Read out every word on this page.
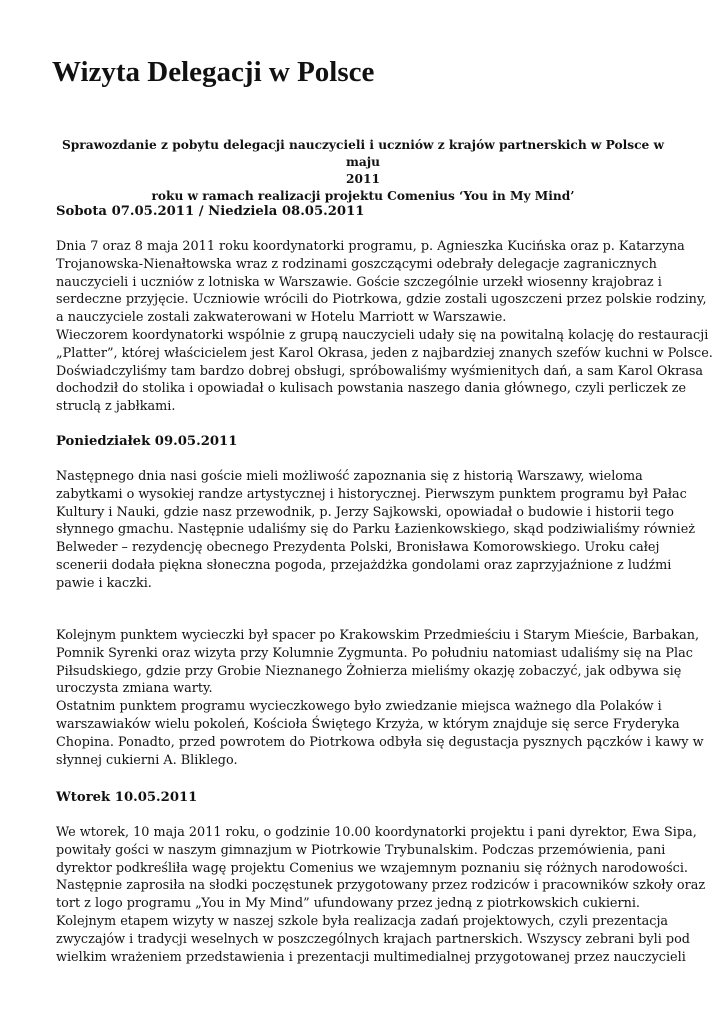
Wizyta Delegacji w Polsce

Sprawozdanie z pobytu delegacji nauczycieli i uczniów z krajów partnerskich w Polsce w maju
2011
roku w ramach realizacji projektu Comenius ‘You in My Mind’

Sobota 07.05.2011 / Niedziela 08.05.2011

Dnia 7 oraz 8 maja 2011 roku koordynatorki programu, p. Agnieszka Kucińska oraz p. Katarzyna
Trojanowska-Nienałtowska wraz z rodzinami goszczącymi odebrały delegacje zagranicznych
nauczycieli i uczniów z lotniska w Warszawie. Goście szczególnie urzekł wiosenny krajobraz i
serdeczne przyjęcie. Uczniowie wrócili do Piotrkowa, gdzie zostali ugoszczeni przez polskie rodziny,
a nauczyciele zostali zakwaterowani w Hotelu Marriott w Warszawie.
Wieczorem koordynatorki wspólnie z grupą nauczycieli udały się na powitalną kolację do restauracji
„Platter”, której właścicielem jest Karol Okrasa, jeden z najbardziej znanych szefów kuchni w Polsce.
Doświadczyliśmy tam bardzo dobrej obsługi, spróbowaliśmy wyśmienitych dań, a sam Karol Okrasa
dochodził do stolika i opowiadał o kulisach powstania naszego dania głównego, czyli perliczek ze
struclą z jabłkami.

Poniedziałek 09.05.2011

Następnego dnia nasi goście mieli możliwość zapoznania się z historią Warszawy, wieloma
zabytkami o wysokiej randze artystycznej i historycznej. Pierwszym punktem programu był Pałac
Kultury i Nauki, gdzie nasz przewodnik, p. Jerzy Sajkowski, opowiadał o budowie i historii tego
słynnego gmachu. Następnie udaliśmy się do Parku Łazienkowskiego, skąd podziwialiśmy również
Belweder – rezydencję obecnego Prezydenta Polski, Bronisława Komorowskiego. Uroku całej
scenerii dodała piękna słoneczna pogoda, przejażdżka gondolami oraz zaprzyjaźnione z ludźmi
pawie i kaczki.

Kolejnym punktem wycieczki był spacer po Krakowskim Przedmieściu i Starym Mieście, Barbakan,
Pomnik Syrenki oraz wizyta przy Kolumnie Zygmunta. Po południu natomiast udaliśmy się na Plac
Piłsudskiego, gdzie przy Grobie Nieznanego Żołnierza mieliśmy okazję zobaczyć, jak odbywa się
uroczysta zmiana warty.
Ostatnim punktem programu wycieczkowego było zwiedzanie miejsca ważnego dla Polaków i
warszawiaków wielu pokoleń, Kościoła Świętego Krzyża, w którym znajduje się serce Fryderyka
Chopina. Ponadto, przed powrotem do Piotrkowa odbyła się degustacja pysznych pączków i kawy w
słynnej cukierni A. Bliklego.

Wtorek 10.05.2011

We wtorek, 10 maja 2011 roku, o godzinie 10.00 koordynatorki projektu i pani dyrektor, Ewa Sipa,
powitały gości w naszym gimnazjum w Piotrkowie Trybunalskim. Podczas przemówienia, pani
dyrektor podkreśliła wagę projektu Comenius we wzajemnym poznaniu się różnych narodowości.
Następnie zaprosiła na słodki poczęstunek przygotowany przez rodziców i pracowników szkoły oraz
tort z logo programu „You in My Mind” ufundowany przez jedną z piotrkowskich cukierni.
Kolejnym etapem wizyty w naszej szkole była realizacja zadań projektowych, czyli prezentacja
zwyczajów i tradycji weselnych w poszczególnych krajach partnerskich. Wszyscy zebrani byli pod
wielkim wrażeniem przedstawienia i prezentacji multimedialnej przygotowanej przez nauczycieli
